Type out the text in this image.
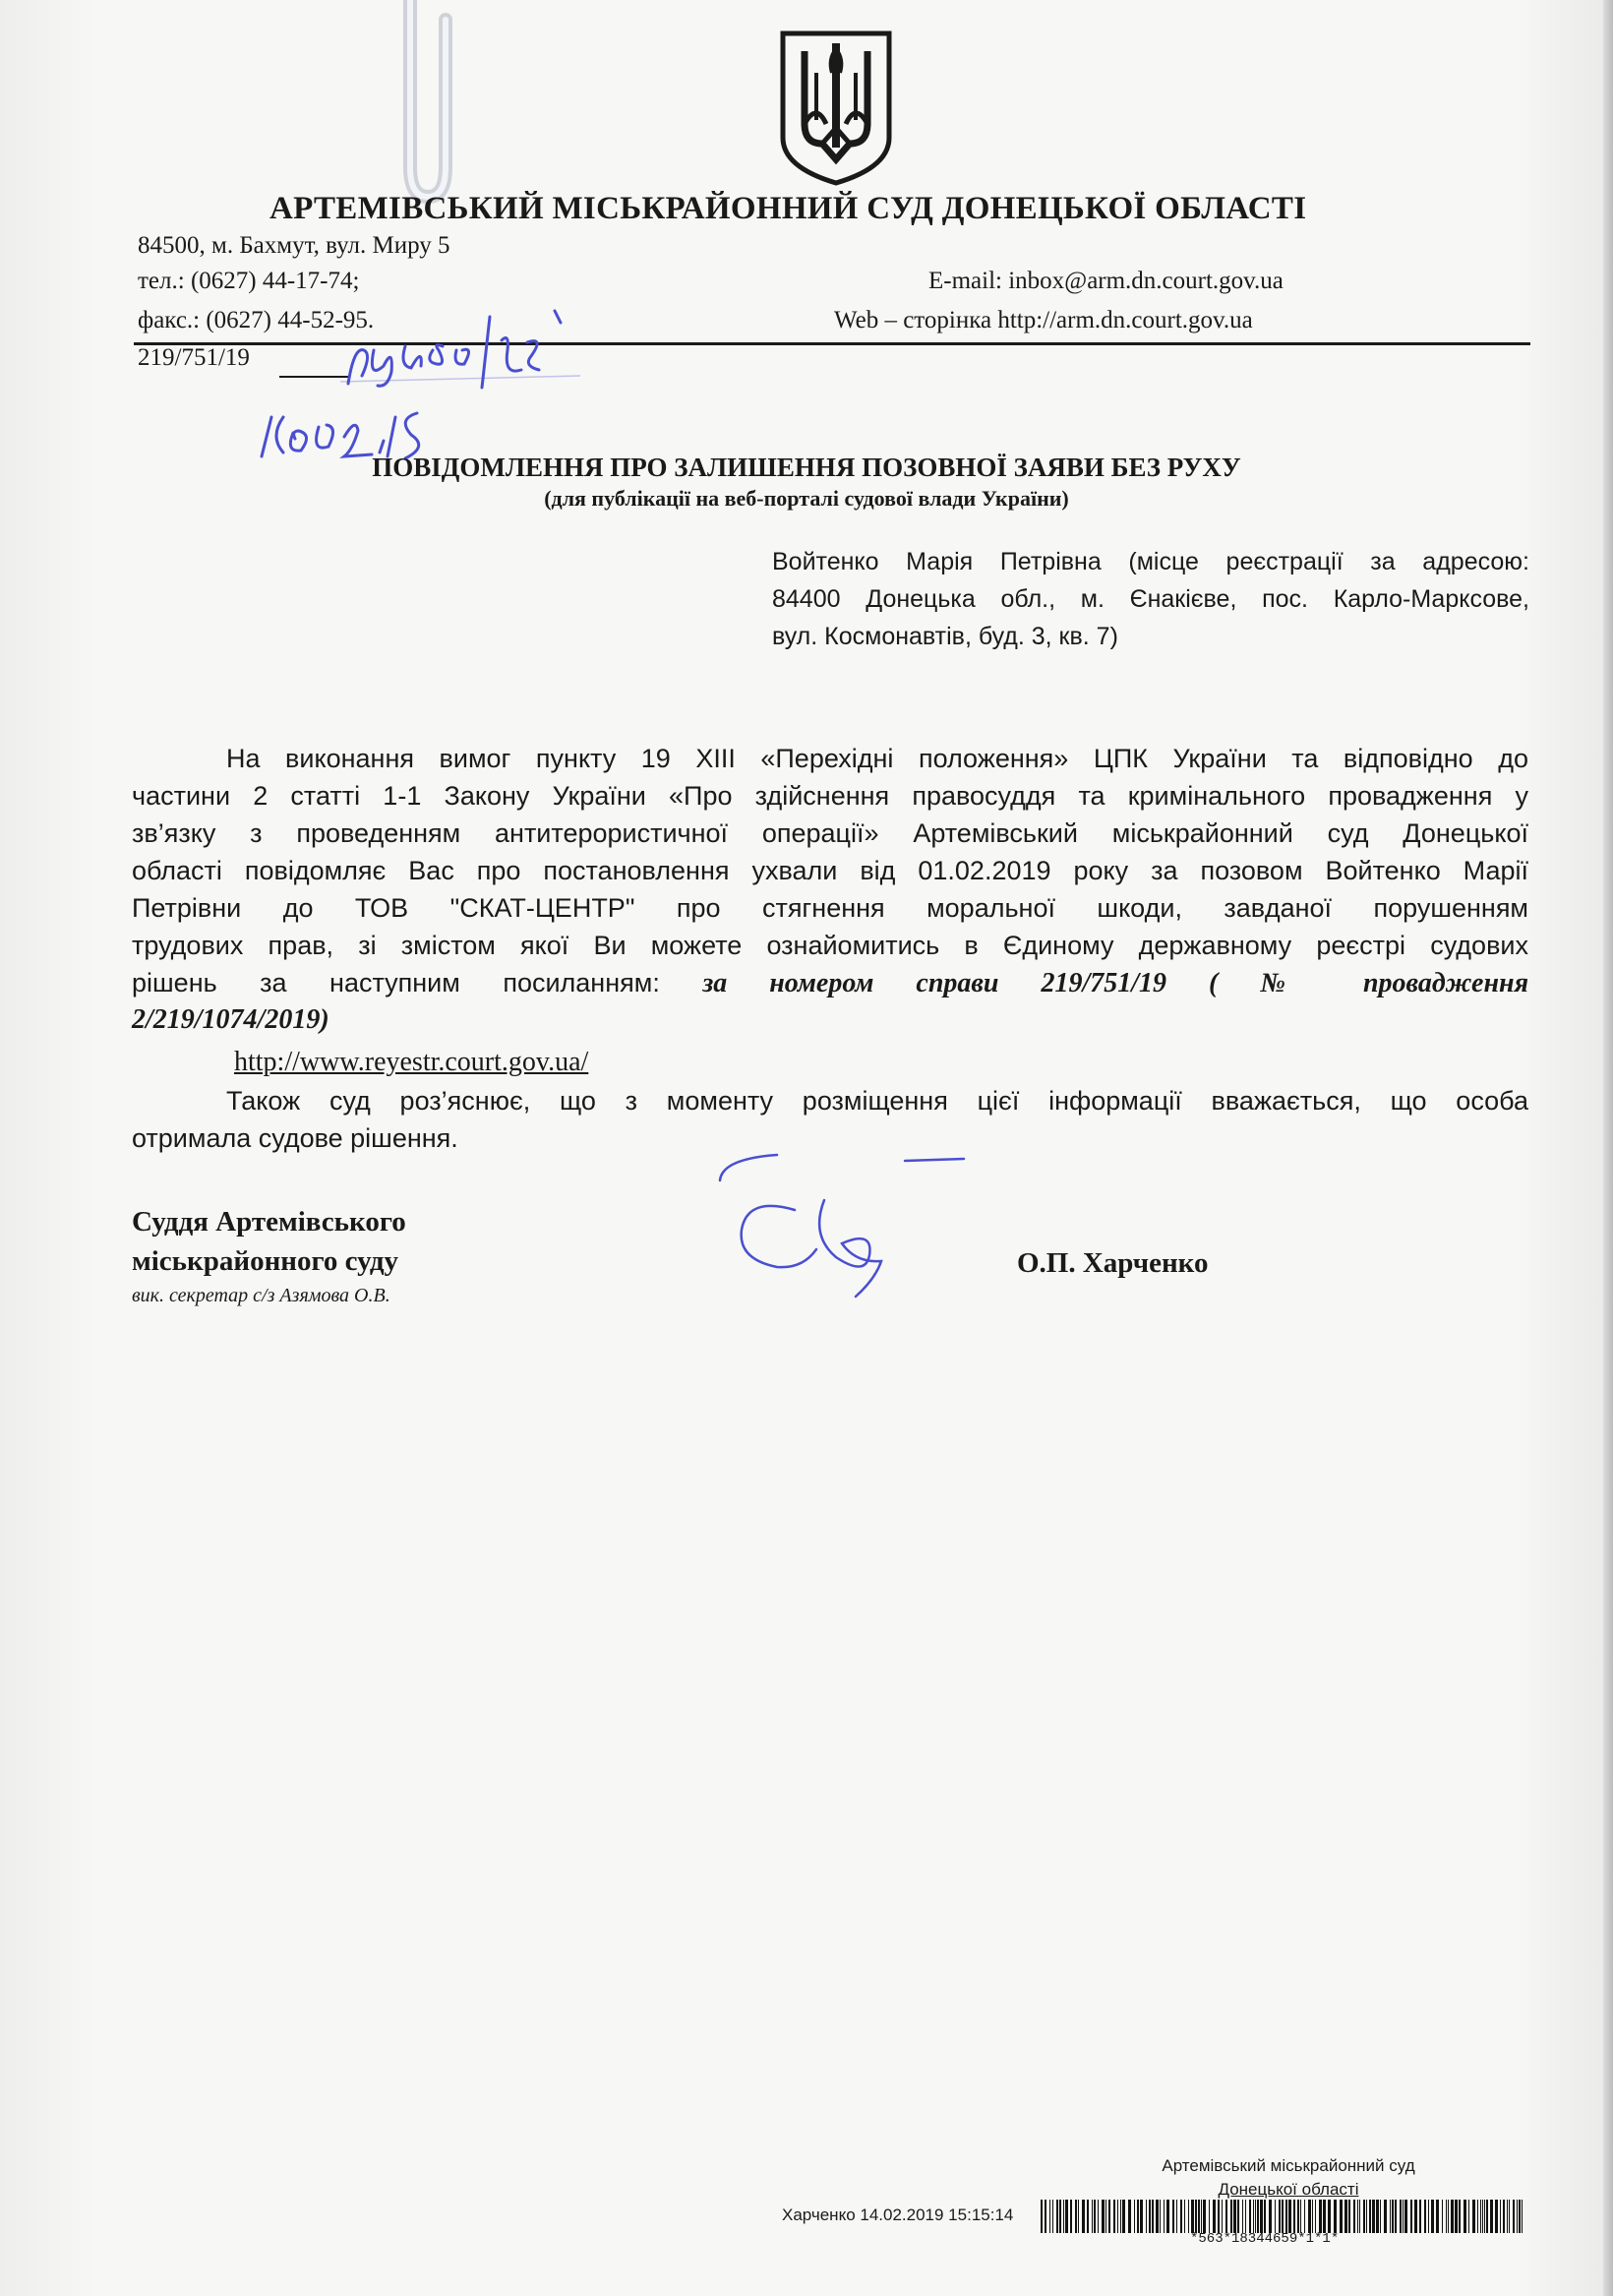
АРТЕМІВСЬКИЙ МІСЬКРАЙОННИЙ СУД ДОНЕЦЬКОЇ ОБЛАСТІ
84500, м. Бахмут, вул. Миру 5
тел.: (0627) 44-17-74;	E-mail: inbox@arm.dn.court.gov.ua
факс.: (0627) 44-52-95.	Web – сторінка http://arm.dn.court.gov.ua
219/751/19
ПОВІДОМЛЕННЯ ПРО ЗАЛИШЕННЯ ПОЗОВНОЇ ЗАЯВИ БЕЗ РУХУ
(для публікації на веб-порталі судової влади України)
Войтенко Марія Петрівна (місце реєстрації за адресою:
84400 Донецька обл., м. Єнакієве, пос. Карло-Марксове,
вул. Космонавтів, буд. 3, кв. 7)
На виконання вимог пункту 19 XIII «Перехідні положення» ЦПК України та відповідно до
частини 2 статті 1-1 Закону України «Про здійснення правосуддя та кримінального провадження у
зв’язку з проведенням антитерористичної операції» Артемівський міськрайонний суд Донецької
області повідомляє Вас про постановлення ухвали від 01.02.2019 року за позовом Войтенко Марії
Петрівни до ТОВ "СКАТ-ЦЕНТР" про стягнення моральної шкоди, завданої порушенням
трудових прав, зі змістом якої Ви можете ознайомитись в Єдиному державному реєстрі судових
рішень за наступним посиланням: за номером справи 219/751/19 ( № провадження
2/219/1074/2019)
http://www.reyestr.court.gov.ua/
Також суд роз’яснює, що з моменту розміщення цієї інформації вважається, що особа
отримала судове рішення.
Суддя Артемівського
міськрайонного суду
вик. секретар с/з Азямова О.В.
О.П. Харченко
Артемівський міськрайонний суд
Донецької області
Харченко 14.02.2019 15:15:14
*563*18344659*1*1*
